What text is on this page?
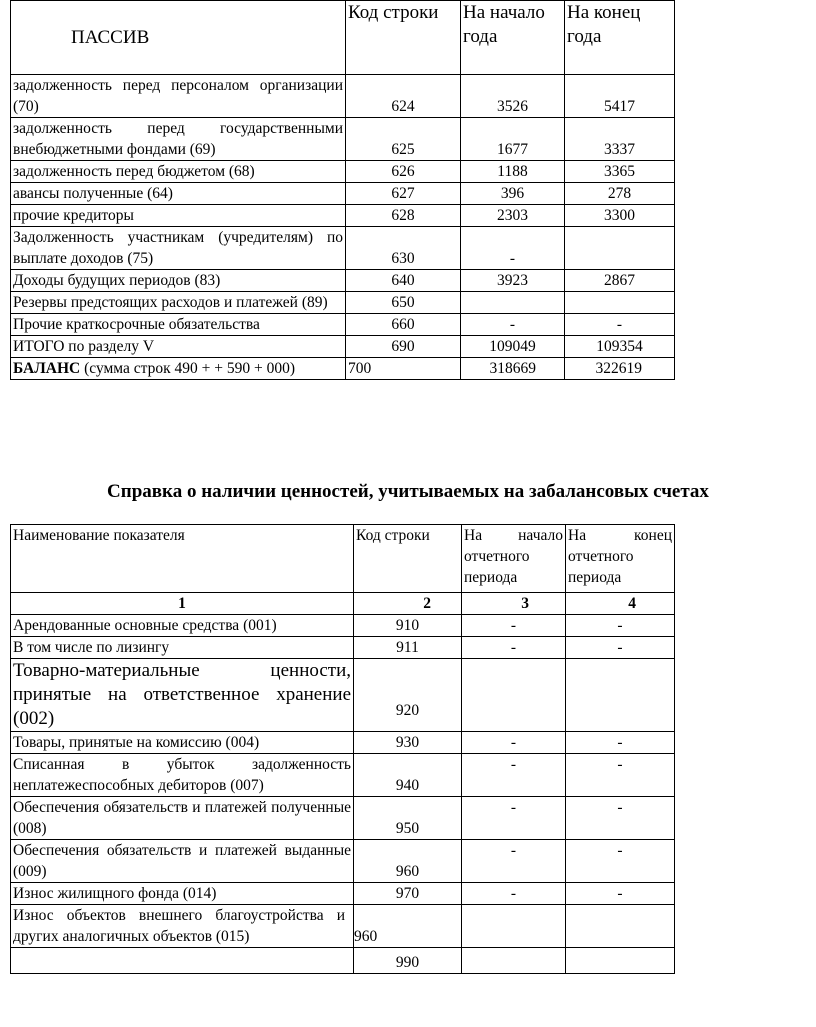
ПАССИВ	Код строки	На начало года	На конец года
задолженность перед персоналом организации (70)	624	3526	5417
задолженность перед государственными внебюджетными фондами (69)	625	1677	3337
задолженность перед бюджетом (68)	626	1188	3365
авансы полученные (64)	627	396	278
прочие кредиторы	628	2303	3300
Задолженность участникам (учредителям) по выплате доходов (75)	630	-	
Доходы будущих периодов (83)	640	3923	2867
Резервы предстоящих расходов и платежей (89)	650		
Прочие краткосрочные обязательства	660	-	-
ИТОГО по разделу V	690	109049	109354
БАЛАНС (сумма строк 490 + + 590 + 000)	700	318669	322619
Справка о наличии ценностей, учитываемых на забалансовых счетах
Наименование показателя	Код строки	На начало отчетного периода	На конец отчетного периода
1	2	3	4
Арендованные основные средства (001)	910	-	-
В том числе по лизингу	911	-	-
Товарно-материальные ценности, принятые на ответственное хранение (002)	920		
Товары, принятые на комиссию (004)	930	-	-
Списанная в убыток задолженность неплатежеспособных дебиторов (007)	940	-	-
Обеспечения обязательств и платежей полученные (008)	950	-	-
Обеспечения обязательств и платежей выданные (009)	960	-	-
Износ жилищного фонда (014)	970	-	-
Износ объектов внешнего благоустройства и других аналогичных объектов (015)	960		
	990		
